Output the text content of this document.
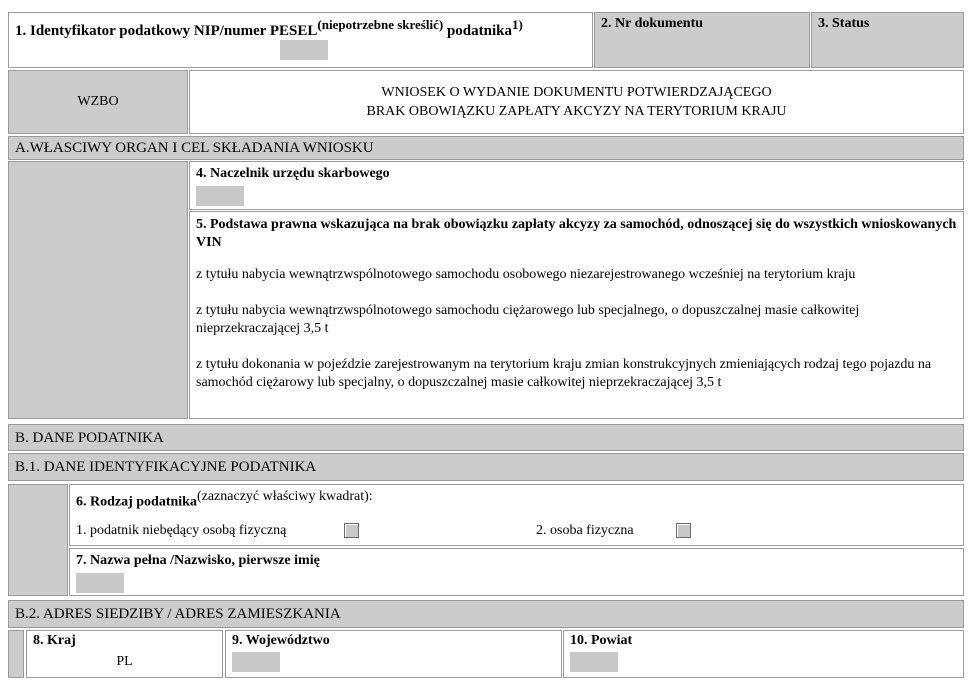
1. Identyfikator podatkowy NIP/numer $PESEL^{(niepotrzebne skreślić)}$ podatnika$^{1)}$	2. Nr dokumentu	3. Status
WZBO
WNIOSEK O WYDANIE DOKUMENTU POTWIERDZAJĄCEGO
BRAK OBOWIĄZKU ZAPŁATY AKCYZY NA TERYTORIUM KRAJU
A.WŁASCIWY ORGAN I CEL SKŁADANIA WNIOSKU
4. Naczelnik urzędu skarbowego

5. Podstawa prawna wskazująca na brak obowiązku zapłaty akcyzy za samochód, odnoszącej się do wszystkich wnioskowanych VIN

z tytułu nabycia wewnątrzwspólnotowego samochodu osobowego niezarejestrowanego wcześniej na terytorium kraju

z tytułu nabycia wewnątrzwspólnotowego samochodu ciężarowego lub specjalnego, o dopuszczalnej masie całkowitej nieprzekraczającej 3,5 t

z tytułu dokonania w pojeździe zarejestrowanym na terytorium kraju zmian konstrukcyjnych zmieniających rodzaj tego pojazdu na samochód ciężarowy lub specjalny, o dopuszczalnej masie całkowitej nieprzekraczającej 3,5 t

B. DANE PODATNIKA
B.1. DANE IDENTYFIKACYJNE PODATNIKA
6. Rodzaj podatnika$^{(zaznaczyć właściwy kwadrat):}$
1. podatnik niebędący osobą fizyczną	2. osoba fizyczna
7. Nazwa pełna /Nazwisko, pierwsze imię
B.2. ADRES SIEDZIBY / ADRES ZAMIESZKANIA
8. Kraj
PL
9. Województwo	10. Powiat
